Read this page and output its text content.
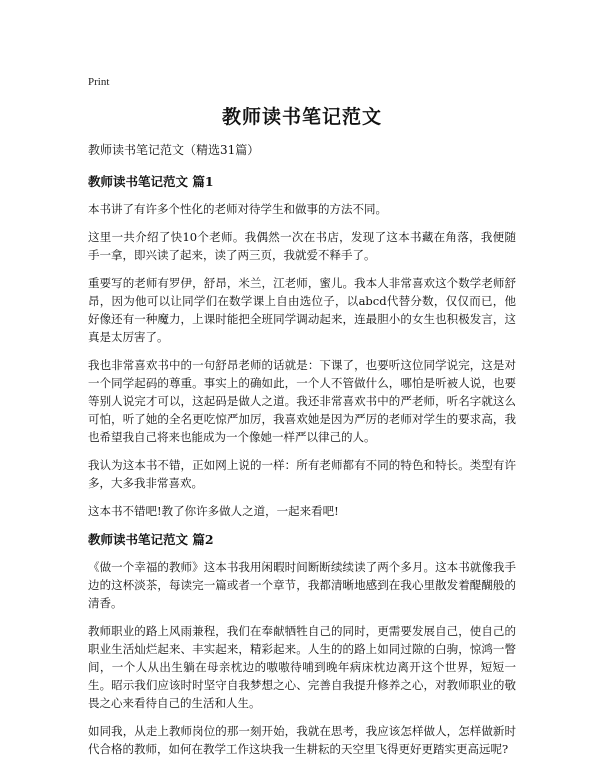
Print
教师读书笔记范文
教师读书笔记范文（精选31篇）
教师读书笔记范文 篇1

本书讲了有许多个性化的老师对待学生和做事的方法不同。

这里一共介绍了快10个老师。我偶然一次在书店，发现了这本书藏在角落，我便随手一拿，即兴读了起来，读了两三页，我就爱不释手了。

重要写的老师有罗伊，舒昂，米兰，江老师，蜜儿。我本人非常喜欢这个数学老师舒昂，因为他可以让同学们在数学课上自由选位子，以abcd代替分数，仅仅而已，他好像还有一种魔力，上课时能把全班同学调动起来，连最胆小的女生也积极发言，这真是太厉害了。

我也非常喜欢书中的一句舒昂老师的话就是：下课了，也要听这位同学说完，这是对一个同学起码的尊重。事实上的确如此，一个人不管做什么，哪怕是听被人说，也要等别人说完才可以，这起码是做人之道。我还非常喜欢书中的严老师，听名字就这么可怕，听了她的全名更吃惊严加厉，我喜欢她是因为严厉的老师对学生的要求高，我也希望我自己将来也能成为一个像她一样严以律己的人。

我认为这本书不错，正如网上说的一样：所有老师都有不同的特色和特长。类型有许多，大多我非常喜欢。

这本书不错吧!教了你许多做人之道，一起来看吧!

教师读书笔记范文 篇2

《做一个幸福的教师》这本书我用闲暇时间断断续续读了两个多月。这本书就像我手边的这杯淡茶，每读完一篇或者一个章节，我都清晰地感到在我心里散发着醍醐般的清香。

教师职业的路上风雨兼程，我们在奉献牺牲自己的同时，更需要发展自己，使自己的职业生活灿烂起来、丰实起来，精彩起来。人生的的路上如同过隙的白驹，惊鸿一瞥间，一个人从出生躺在母亲枕边的嗷嗷待哺到晚年病床枕边离开这个世界，短短一生。昭示我们应该时时坚守自我梦想之心、完善自我提升修养之心，对教师职业的敬畏之心来看待自己的生活和人生。

如同我，从走上教师岗位的那一刻开始，我就在思考，我应该怎样做人，怎样做新时代合格的教师，如何在教学工作这块我一生耕耘的天空里飞得更好更踏实更高远呢?
